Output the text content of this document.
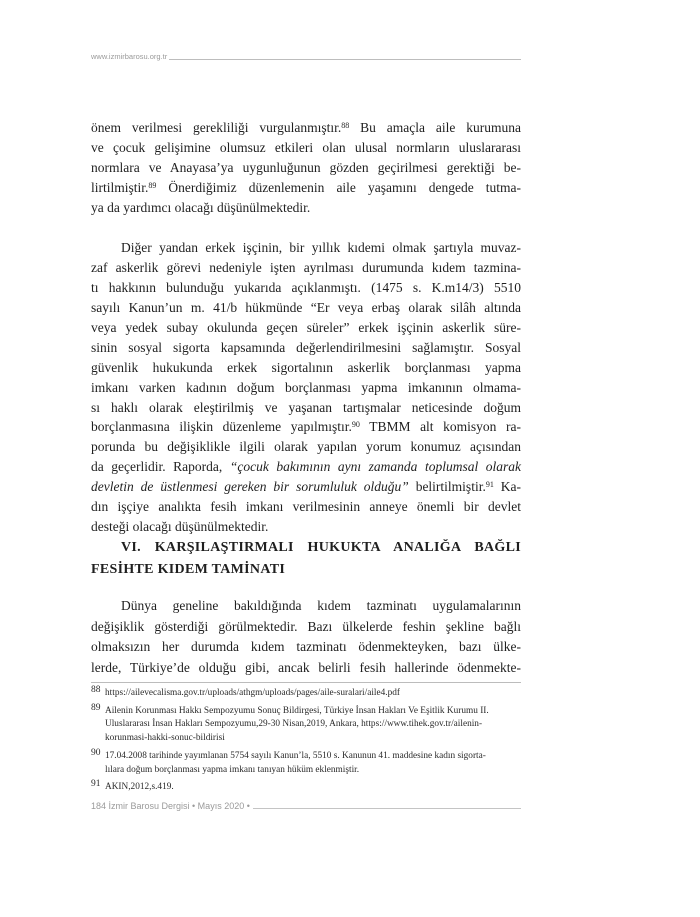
www.izmirbarosu.org.tr
önem verilmesi gerekliliği vurgulanmıştır.$^{88}$ Bu amaçla aile kurumuna
ve çocuk gelişimine olumsuz etkileri olan ulusal normların uluslararası
normlara ve Anayasa’ya uygunluğunun gözden geçirilmesi gerektiği be-
lirtilmiştir.$^{89}$ Önerdiğimiz düzenlemenin aile yaşamını dengede tutma-
ya da yardımcı olacağı düşünülmektedir.
Diğer yandan erkek işçinin, bir yıllık kıdemi olmak şartıyla muvaz-
zaf askerlik görevi nedeniyle işten ayrılması durumunda kıdem tazmina-
tı hakkının bulunduğu yukarıda açıklanmıştı. (1475 s. K.m14/3) 5510
sayılı Kanun’un m. 41/b hükmünde “Er veya erbaş olarak silâh altında
veya yedek subay okulunda geçen süreler” erkek işçinin askerlik süre-
sinin sosyal sigorta kapsamında değerlendirilmesini sağlamıştır. Sosyal
güvenlik hukukunda erkek sigortalının askerlik borçlanması yapma
imkanı varken kadının doğum borçlanması yapma imkanının olmama-
sı haklı olarak eleştirilmiş ve yaşanan tartışmalar neticesinde doğum
borçlanmasına ilişkin düzenleme yapılmıştır.$^{90}$ TBMM alt komisyon ra-
porunda bu değişiklikle ilgili olarak yapılan yorum konumuz açısından
da geçerlidir. Raporda, “çocuk bakımının aynı zamanda toplumsal olarak
devletin de üstlenmesi gereken bir sorumluluk olduğu” belirtilmiştir.$^{91}$ Ka-
dın işçiye analıkta fesih imkanı verilmesinin anneye önemli bir devlet
desteği olacağı düşünülmektedir.
VI. KARŞILAŞTIRMALI HUKUKTA ANALIĞA BAĞLI
FESİHTE KIDEM TAMİNATI
Dünya geneline bakıldığında kıdem tazminatı uygulamalarının
değişiklik gösterdiği görülmektedir. Bazı ülkelerde feshin şekline bağlı
olmaksızın her durumda kıdem tazminatı ödenmekteyken, bazı ülke-
lerde, Türkiye’de olduğu gibi, ancak belirli fesih hallerinde ödenmekte-
88 https://ailevecalisma.gov.tr/uploads/athgm/uploads/pages/aile-suralari/aile4.pdf
89 Ailenin Korunması Hakkı Sempozyumu Sonuç Bildirgesi, Türkiye İnsan Hakları Ve Eşitlik Kurumu II.
Uluslararası İnsan Hakları Sempozyumu,29-30 Nisan,2019, Ankara, https://www.tihek.gov.tr/ailenin-
korunmasi-hakki-sonuc-bildirisi
90 17.04.2008 tarihinde yayımlanan 5754 sayılı Kanun’la, 5510 s. Kanunun 41. maddesine kadın sigorta-
lılara doğum borçlanması yapma imkanı tanıyan hüküm eklenmiştir.
91 AKIN,2012,s.419.
184 İzmir Barosu Dergisi • Mayıs 2020 •
